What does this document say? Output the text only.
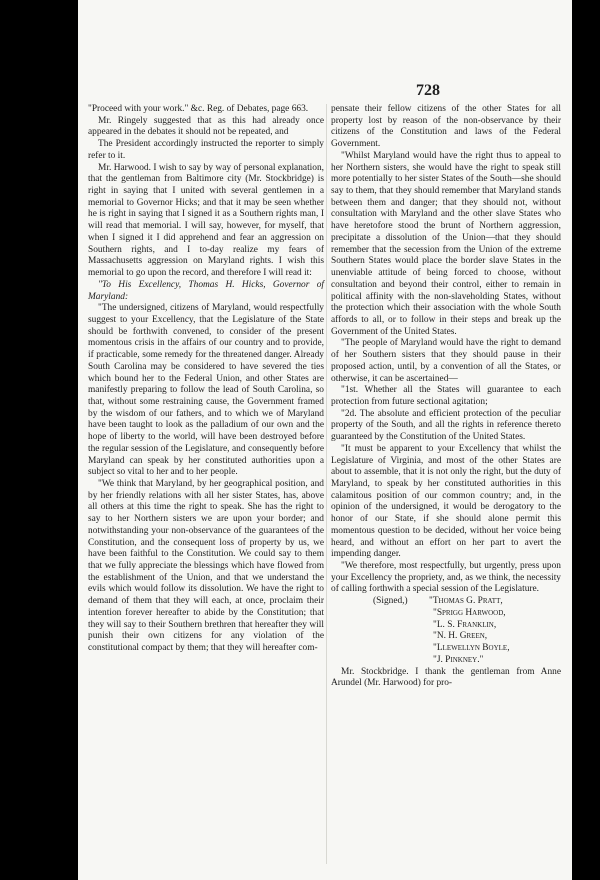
728

"Proceed with your work." &c. Reg. of Debates, page 663.

Mr. Ringely suggested that as this had already once appeared in the debates it should not be repeated, and

The President accordingly instructed the reporter to simply refer to it.

Mr. Harwood. I wish to say by way of personal explanation, that the gentleman from Baltimore city (Mr. Stockbridge) is right in saying that I united with several gentlemen in a memorial to Governor Hicks; and that it may be seen whether he is right in saying that I signed it as a Southern rights man, I will read that memorial. I will say, however, for myself, that when I signed it I did apprehend and fear an aggression on Southern rights, and I to-day realize my fears of Massachusetts aggression on Maryland rights. I wish this memorial to go upon the record, and therefore I will read it:

"To His Excellency, Thomas H. Hicks, Governor of Maryland:

"The undersigned, citizens of Maryland, would respectfully suggest to your Excellency, that the Legislature of the State should be forthwith convened, to consider of the present momentous crisis in the affairs of our country and to provide, if practicable, some remedy for the threatened danger. Already South Carolina may be considered to have severed the ties which bound her to the Federal Union, and other States are manifestly preparing to follow the lead of South Carolina, so that, without some restraining cause, the Government framed by the wisdom of our fathers, and to which we of Maryland have been taught to look as the palladium of our own and the hope of liberty to the world, will have been destroyed before the regular session of the Legislature, and consequently before Maryland can speak by her constituted authorities upon a subject so vital to her and to her people.

"We think that Maryland, by her geographical position, and by her friendly relations with all her sister States, has, above all others at this time the right to speak. She has the right to say to her Northern sisters we are upon your border; and notwithstanding your non-observance of the guarantees of the Constitution, and the consequent loss of property by us, we have been faithful to the Constitution. We could say to them that we fully appreciate the blessings which have flowed from the establishment of the Union, and that we understand the evils which would follow its dissolution. We have the right to demand of them that they will each, at once, proclaim their intention forever hereafter to abide by the Constitution; that they will say to their Southern brethren that hereafter they will punish their own citizens for any violation of the constitutional compact by them; that they will hereafter com-

pensate their fellow citizens of the other States for all property lost by reason of the non-observance by their citizens of the Constitution and laws of the Federal Government.

"Whilst Maryland would have the right thus to appeal to her Northern sisters, she would have the right to speak still more potentially to her sister States of the South—she should say to them, that they should remember that Maryland stands between them and danger; that they should not, without consultation with Maryland and the other slave States who have heretofore stood the brunt of Northern aggression, precipitate a dissolution of the Union—that they should remember that the secession from the Union of the extreme Southern States would place the border slave States in the unenviable attitude of being forced to choose, without consultation and beyond their control, either to remain in political affinity with the non-slaveholding States, without the protection which their association with the whole South affords to all, or to follow in their steps and break up the Government of the United States.

"The people of Maryland would have the right to demand of her Southern sisters that they should pause in their proposed action, until, by a convention of all the States, or otherwise, it can be ascertained—

"1st. Whether all the States will guarantee to each protection from future sectional agitation;

"2d. The absolute and efficient protection of the peculiar property of the South, and all the rights in reference thereto guaranteed by the Constitution of the United States.

"It must be apparent to your Excellency that whilst the Legislature of Virginia, and most of the other States are about to assemble, that it is not only the right, but the duty of Maryland, to speak by her constituted authorities in this calamitous position of our common country; and, in the opinion of the undersigned, it would be derogatory to the honor of our State, if she should alone permit this momentous question to be decided, without her voice being heard, and without an effort on her part to avert the impending danger.

"We therefore, most respectfully, but urgently, press upon your Excellency the propriety, and, as we think, the necessity of calling forthwith a special session of the Legislature.

(Signed,) "Thomas G. Pratt,

"Sprigg Harwood,

"L. S. Franklin,

"N. H. Green,

"Llewellyn Boyle,

"J. Pinkney."

Mr. Stockbridge. I thank the gentleman from Anne Arundel (Mr. Harwood) for pro-
